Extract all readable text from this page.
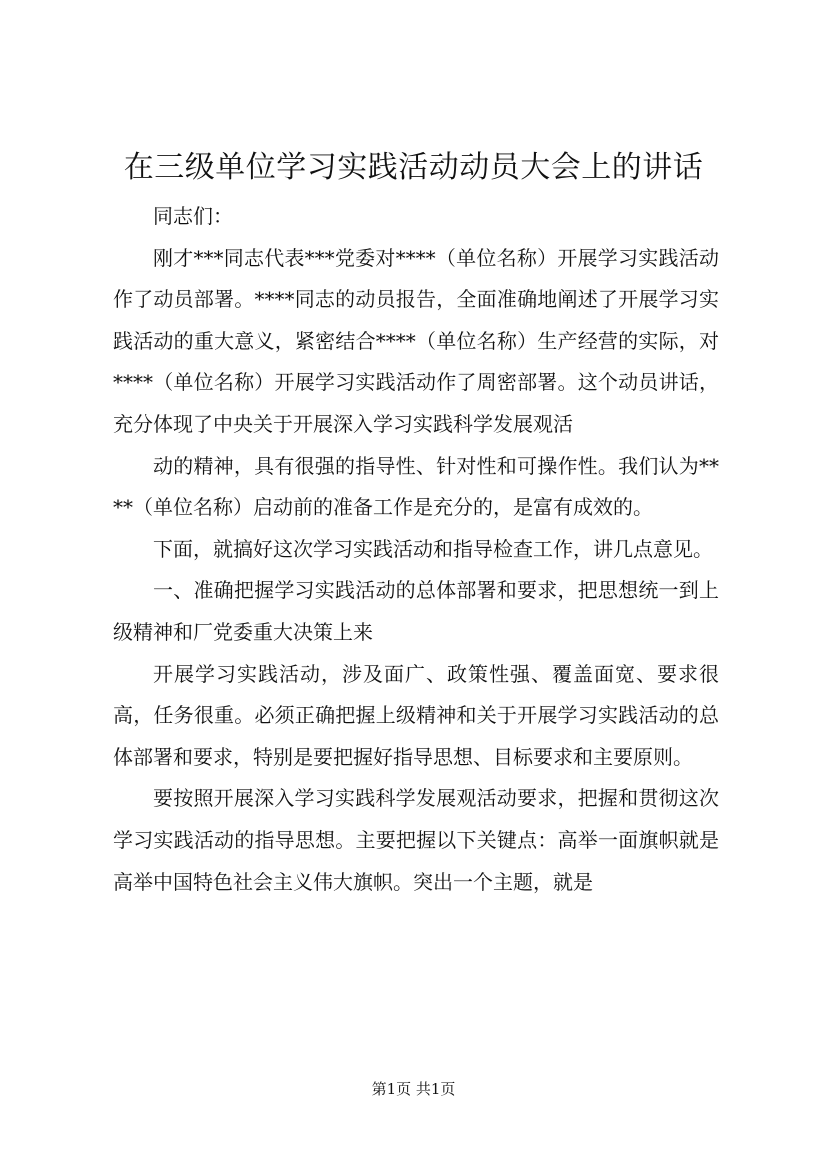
在三级单位学习实践活动动员大会上的讲话

同志们：

刚才***同志代表***党委对****（单位名称）开展学习实践活动作了动员部署。****同志的动员报告，全面准确地阐述了开展学习实践活动的重大意义，紧密结合****（单位名称）生产经营的实际，对****（单位名称）开展学习实践活动作了周密部署。这个动员讲话，充分体现了中央关于开展深入学习实践科学发展观活

动的精神，具有很强的指导性、针对性和可操作性。我们认为****（单位名称）启动前的准备工作是充分的，是富有成效的。

下面，就搞好这次学习实践活动和指导检查工作，讲几点意见。

一、准确把握学习实践活动的总体部署和要求，把思想统一到上级精神和厂党委重大决策上来

开展学习实践活动，涉及面广、政策性强、覆盖面宽、要求很高，任务很重。必须正确把握上级精神和关于开展学习实践活动的总体部署和要求，特别是要把握好指导思想、目标要求和主要原则。

要按照开展深入学习实践科学发展观活动要求，把握和贯彻这次学习实践活动的指导思想。主要把握以下关键点：高举一面旗帜就是高举中国特色社会主义伟大旗帜。突出一个主题，就是

第1页 共1页
